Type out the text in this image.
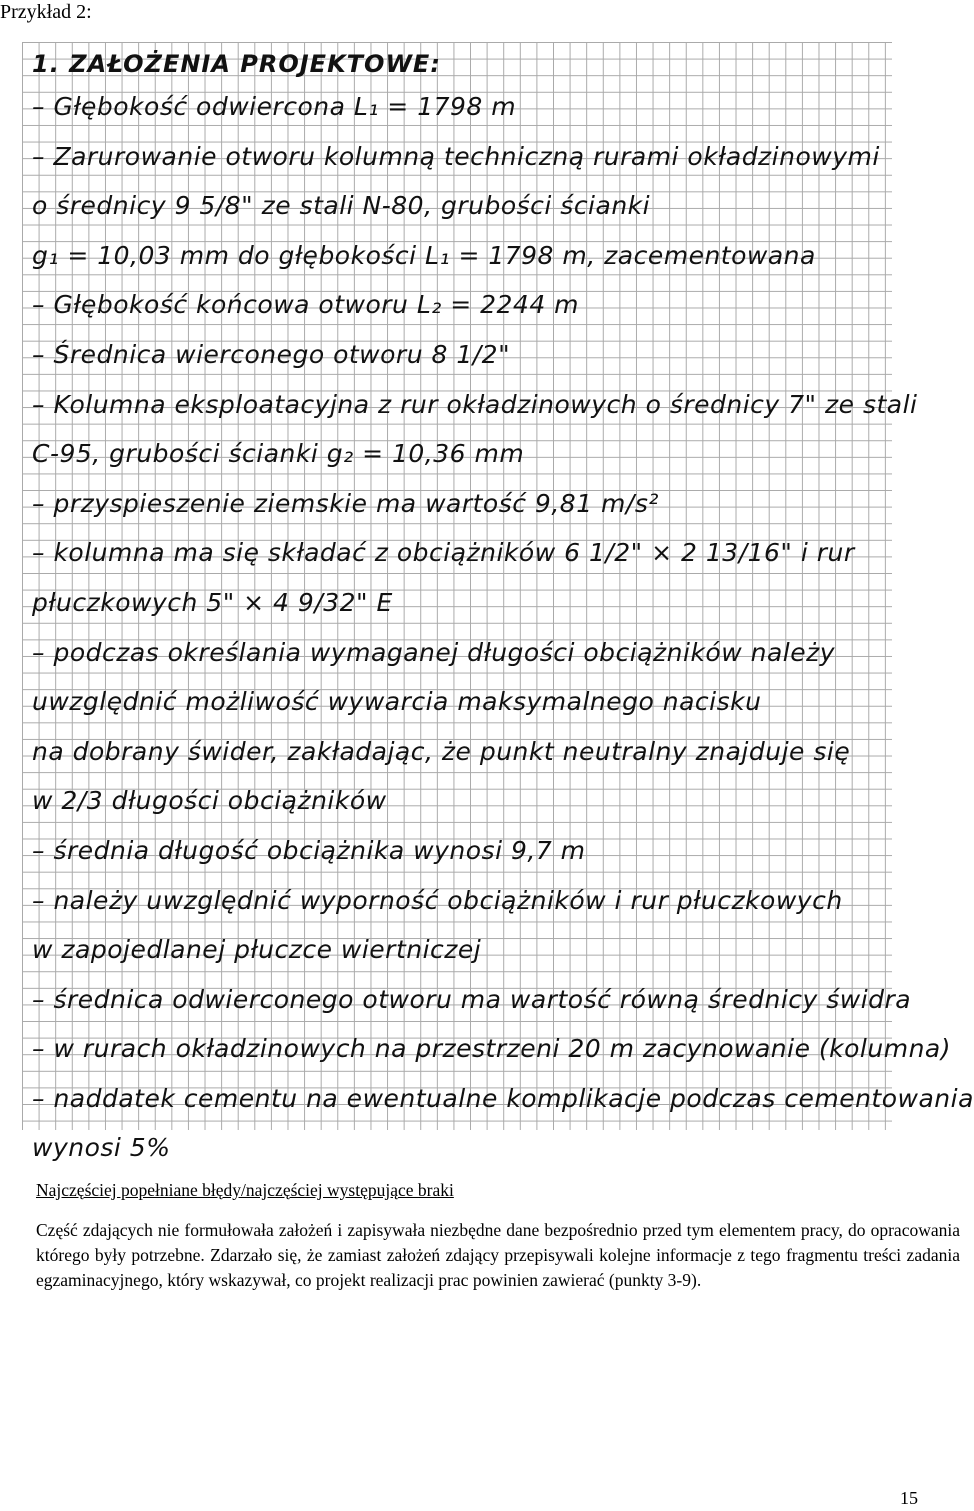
Przykład 2:
1. ZAŁOŻENIA PROJEKTOWE:
– Głębokość odwiercona L₁ = 1798 m
– Zarurowanie otworu kolumną techniczną rurami okładzinowymi
o średnicy 9 5/8" ze stali N-80, grubości ścianki
g₁ = 10,03 mm do głębokości L₁ = 1798 m, zacementowana
– Głębokość końcowa otworu L₂ = 2244 m
– Średnica wierconego otworu 8 1/2"
– Kolumna eksploatacyjna z rur okładzinowych o średnicy 7" ze stali
C-95, grubości ścianki g₂ = 10,36 mm
– przyspieszenie ziemskie ma wartość 9,81 m/s²
– kolumna ma się składać z obciążników 6 1/2" × 2 13/16" i rur
płuczkowych 5" × 4 9/32" E
– podczas określania wymaganej długości obciążników należy
uwzględnić możliwość wywarcia maksymalnego nacisku
na dobrany świder, zakładając, że punkt neutralny znajduje się
w 2/3 długości obciążników
– średnia długość obciążnika wynosi 9,7 m
– należy uwzględnić wyporność obciążników i rur płuczkowych
w zapojedlanej płuczce wiertniczej
– średnica odwierconego otworu ma wartość równą średnicy świdra
– w rurach okładzinowych na przestrzeni 20 m zacynowanie (kolumna)
– naddatek cementu na ewentualne komplikacje podczas cementowania
wynosi 5%
Najczęściej popełniane błędy/najczęściej występujące braki

Część zdających nie formułowała założeń i zapisywała niezbędne dane bezpośrednio przed tym elementem pracy, do opracowania którego były potrzebne. Zdarzało się, że zamiast założeń zdający przepisywali kolejne informacje z tego fragmentu treści zadania egzaminacyjnego, który wskazywał, co projekt realizacji prac powinien zawierać (punkty 3-9).

15
